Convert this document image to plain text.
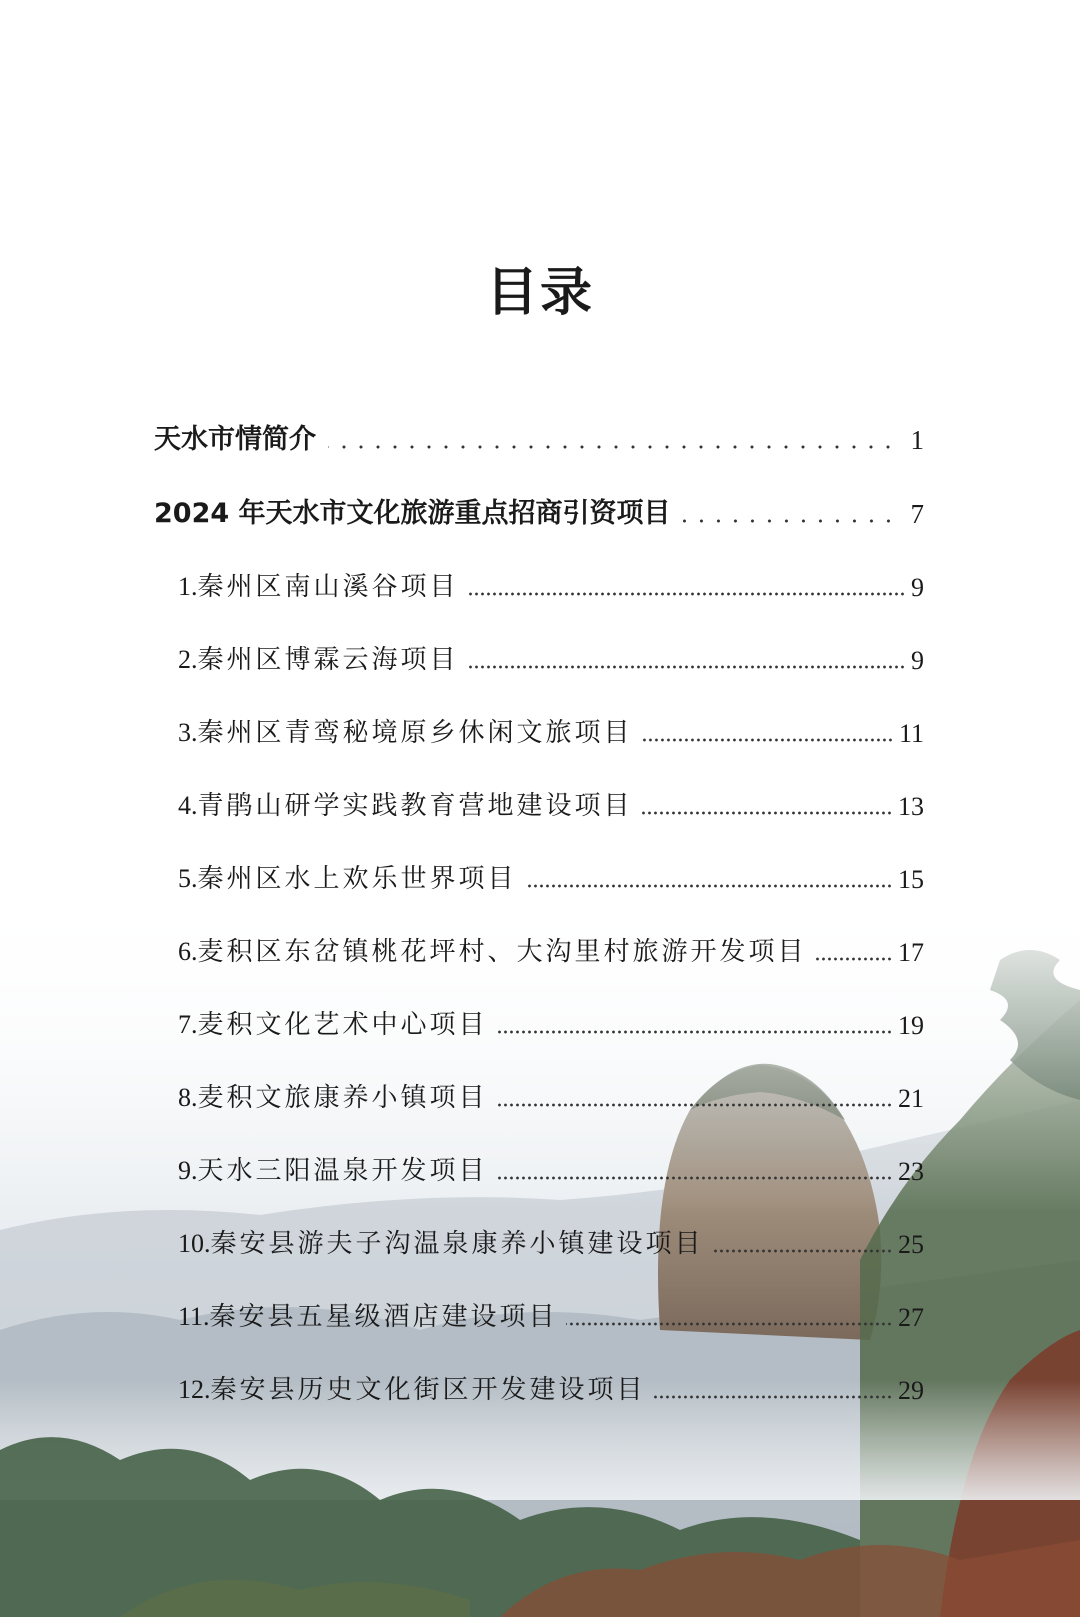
目录
天水市情简介	1
2024 年天水市文化旅游重点招商引资项目	7
1.秦州区南山溪谷项目	9
2.秦州区博霖云海项目	9
3.秦州区青鸾秘境原乡休闲文旅项目	11
4.青鹃山研学实践教育营地建设项目	13
5.秦州区水上欢乐世界项目	15
6.麦积区东岔镇桃花坪村、大沟里村旅游开发项目	17
7.麦积文化艺术中心项目	19
8.麦积文旅康养小镇项目	21
9.天水三阳温泉开发项目	23
10.秦安县游夫子沟温泉康养小镇建设项目	25
11.秦安县五星级酒店建设项目	27
12.秦安县历史文化街区开发建设项目	29
